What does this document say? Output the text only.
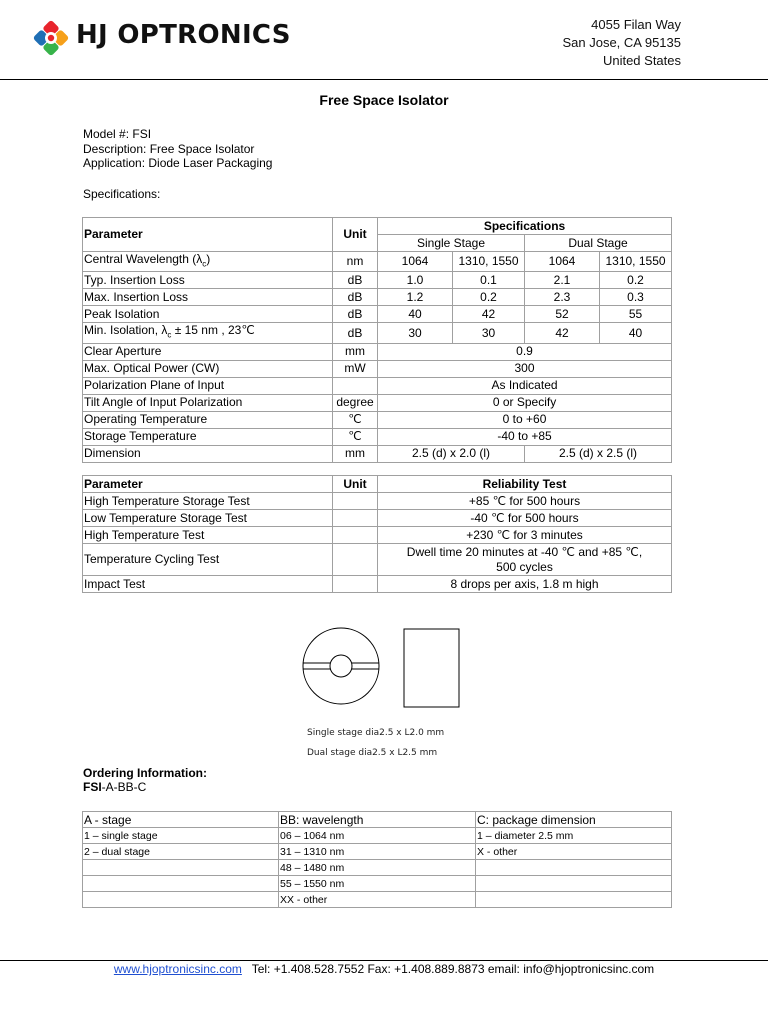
HJ OPTRONICS	4055 Filan Way
San Jose, CA 95135
United States
Free Space Isolator
Model #: FSI
Description: Free Space Isolator
Application: Diode Laser Packaging
Specifications:
Parameter	Unit	Specifications			
		Single Stage		Dual Stage	
Central Wavelength $(\lambda_c)$	nm	1064	1310, 1550	1064	1310, 1550
Typ. Insertion Loss	dB	1.0	0.1	2.1	0.2
Max. Insertion Loss	dB	1.2	0.2	2.3	0.3
Peak Isolation	dB	40	42	52	55
Min. Isolation, $\lambda_c \pm 15$ nm , 23℃	dB	30	30	42	40
Clear Aperture	mm	0.9			
Max. Optical Power (CW)	mW	300			
Polarization Plane of Input		As Indicated			
Tilt Angle of Input Polarization	degree	0 or Specify			
Operating Temperature	℃	0 to +60			
Storage Temperature	℃	-40 to +85			
Dimension	mm	2.5 (d) x 2.0 (l)		2.5 (d) x 2.5 (l)	
Parameter	Unit	Reliability Test
High Temperature Storage Test		+85 ℃ for 500 hours
Low Temperature Storage Test		-40 ℃ for 500 hours
High Temperature Test		+230 ℃ for 3 minutes
Temperature Cycling Test		Dwell time 20 minutes at -40 ℃ and +85 ℃,
500 cycles

Impact Test		8 drops per axis, 1.8 m high
Single stage dia2.5 x L2.0 mm
Dual stage dia2.5 x L2.5 mm
Ordering Information:
FSI-A-BB-C
A - stage	BB: wavelength	C: package dimension
1 – single stage	06 – 1064 nm	1 – diameter 2.5 mm
2 – dual stage	31 – 1310 nm	X - other
	48 – 1480 nm	
	55 – 1550 nm	
	XX - other	
www.hjoptronicsinc.com   Tel: +1.408.528.7552 Fax: +1.408.889.8873 email: info@hjoptronicsinc.com
